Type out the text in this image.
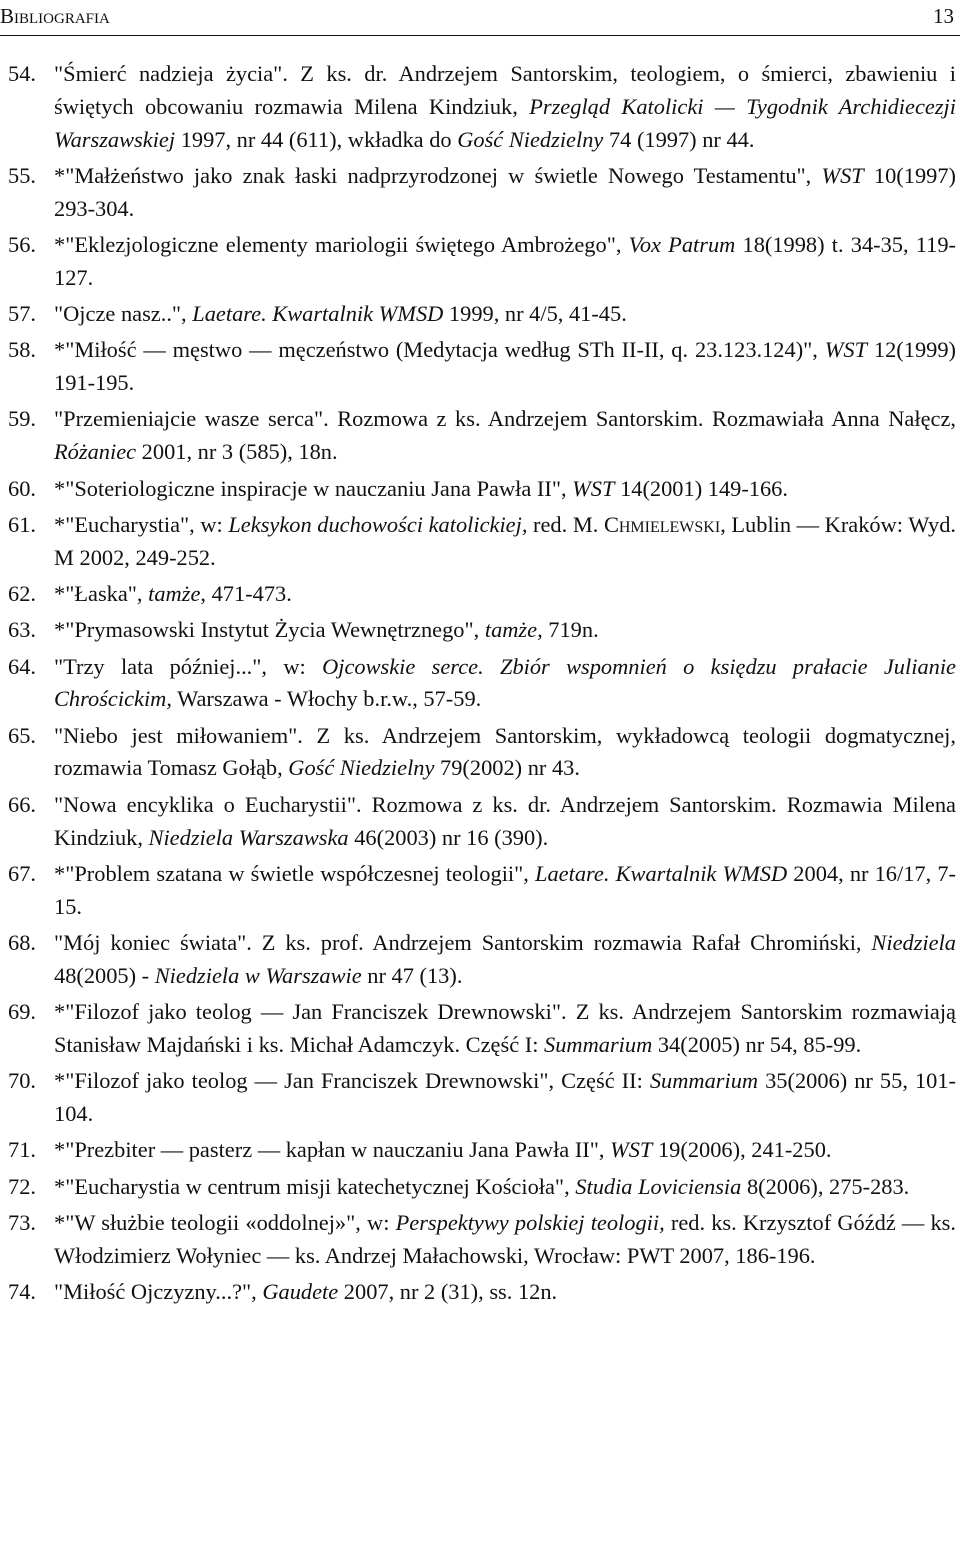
Bibliografia	13
54. "Śmierć nadzieja życia". Z ks. dr. Andrzejem Santorskim, teologiem, o śmierci, zbawieniu i świętych obcowaniu rozmawia Milena Kindziuk, Przegląd Katolicki — Tygodnik Archidiecezji Warszawskiej 1997, nr 44 (611), wkładka do Gość Niedzielny 74 (1997) nr 44.
55. *"Małżeństwo jako znak łaski nadprzyrodzonej w świetle Nowego Testamentu", WST 10(1997) 293-304.
56. *"Eklezjologiczne elementy mariologii świętego Ambrożego", Vox Patrum 18(1998) t. 34-35, 119-127.
57. "Ojcze nasz..", Laetare. Kwartalnik WMSD 1999, nr 4/5, 41-45.
58. *"Miłość — męstwo — męczeństwo (Medytacja według STh II-II, q. 23.123.124)", WST 12(1999) 191-195.
59. "Przemieniajcie wasze serca". Rozmowa z ks. Andrzejem Santorskim. Rozmawiała Anna Nałęcz, Różaniec 2001, nr 3 (585), 18n.
60. *"Soteriologiczne inspiracje w nauczaniu Jana Pawła II", WST 14(2001) 149-166.
61. *"Eucharystia", w: Leksykon duchowości katolickiej, red. M. Chmielewski, Lublin — Kraków: Wyd. M 2002, 249-252.
62. *"Łaska", tamże, 471-473.
63. *"Prymasowski Instytut Życia Wewnętrznego", tamże, 719n.
64. "Trzy lata później...", w: Ojcowskie serce. Zbiór wspomnień o księdzu prałacie Julianie Chrościckim, Warszawa - Włochy b.r.w., 57-59.
65. "Niebo jest miłowaniem". Z ks. Andrzejem Santorskim, wykładowcą teologii dogmatycznej, rozmawia Tomasz Gołąb, Gość Niedzielny 79(2002) nr 43.
66. "Nowa encyklika o Eucharystii". Rozmowa z ks. dr. Andrzejem Santorskim. Rozmawia Milena Kindziuk, Niedziela Warszawska 46(2003) nr 16 (390).
67. *"Problem szatana w świetle współczesnej teologii", Laetare. Kwartalnik WMSD 2004, nr 16/17, 7-15.
68. "Mój koniec świata". Z ks. prof. Andrzejem Santorskim rozmawia Rafał Chromiński, Niedziela 48(2005) - Niedziela w Warszawie nr 47 (13).
69. *"Filozof jako teolog — Jan Franciszek Drewnowski". Z ks. Andrzejem Santorskim rozmawiają Stanisław Majdański i ks. Michał Adamczyk. Część I: Summarium 34(2005) nr 54, 85-99.
70. *"Filozof jako teolog — Jan Franciszek Drewnowski", Część II: Summarium 35(2006) nr 55, 101-104.
71. *"Prezbiter — pasterz — kapłan w nauczaniu Jana Pawła II", WST 19(2006), 241-250.
72. *"Eucharystia w centrum misji katechetycznej Kościoła", Studia Loviciensia 8(2006), 275-283.
73. *"W służbie teologii «oddolnej»", w: Perspektywy polskiej teologii, red. ks. Krzysztof Góźdź — ks. Włodzimierz Wołyniec — ks. Andrzej Małachowski, Wrocław: PWT 2007, 186-196.
74. "Miłość Ojczyzny...?", Gaudete 2007, nr 2 (31), ss. 12n.
